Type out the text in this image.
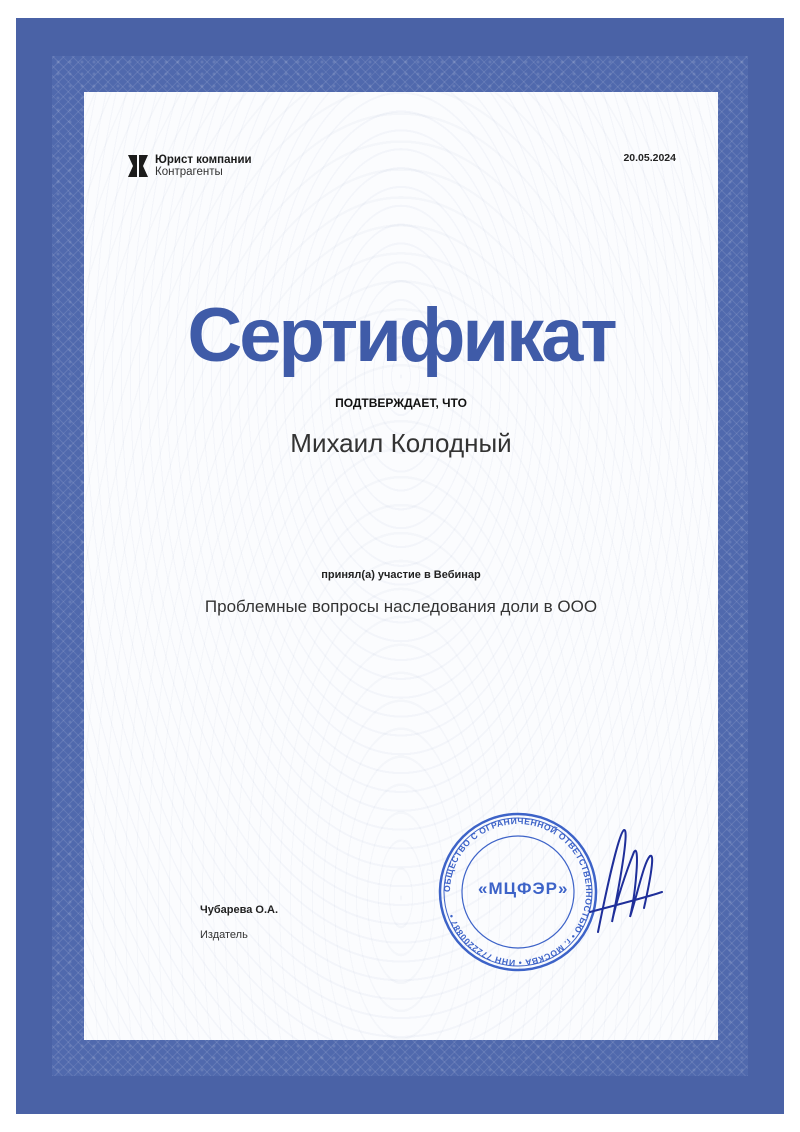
Юрист компании
Контрагенты
20.05.2024
Сертификат
ПОДТВЕРЖДАЕТ, ЧТО
Михаил Колодный
принял(а) участие в Вебинар
Проблемные вопросы наследования доли в ООО
Чубарева О.А.
Издатель
ОБЩЕСТВО С ОГРАНИЧЕННОЙ ОТВЕТСТВЕННОСТЬЮ • г. МОСКВА • ИНН 7722200887 •
«МЦФЭР»
